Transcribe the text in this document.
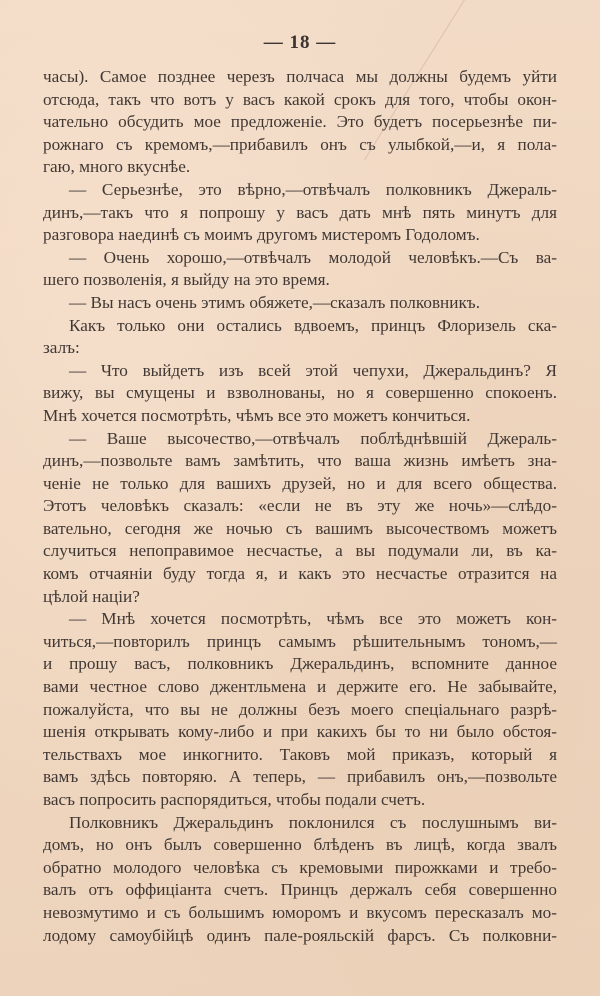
— 18 —
часы). Самое позднее черезъ полчаса мы должны будемъ уйти
отсюда, такъ что вотъ у васъ какой срокъ для того, чтобы окон-
чательно обсудить мое предложеніе. Это будетъ посерьезнѣе пи-
рожнаго съ кремомъ,—прибавилъ онъ съ улыбкой,—и, я пола-
гаю, много вкуснѣе.
— Серьезнѣе, это вѣрно,—отвѣчалъ полковникъ Джераль-
динъ,—такъ что я попрошу у васъ дать мнѣ пять минутъ для
разговора наединѣ съ моимъ другомъ мистеромъ Годоломъ.
— Очень хорошо,—отвѣчалъ молодой человѣкъ.—Съ ва-
шего позволенія, я выйду на это время.
— Вы насъ очень этимъ обяжете,—сказалъ полковникъ.
Какъ только они остались вдвоемъ, принцъ Флоризель ска-
залъ:
— Что выйдетъ изъ всей этой чепухи, Джеральдинъ? Я
вижу, вы смущены и взволнованы, но я совершенно спокоенъ.
Мнѣ хочется посмотрѣть, чѣмъ все это можетъ кончиться.
— Ваше высочество,—отвѣчалъ поблѣднѣвшій Джераль-
динъ,—позвольте вамъ замѣтить, что ваша жизнь имѣетъ зна-
ченіе не только для вашихъ друзей, но и для всего общества.
Этотъ человѣкъ сказалъ: «если не въ эту же ночь»—слѣдо-
вательно, сегодня же ночью съ вашимъ высочествомъ можетъ
случиться непоправимое несчастье, а вы подумали ли, въ ка-
комъ отчаяніи буду тогда я, и какъ это несчастье отразится на
цѣлой націи?
— Мнѣ хочется посмотрѣть, чѣмъ все это можетъ кон-
читься,—повторилъ принцъ самымъ рѣшительнымъ тономъ,—
и прошу васъ, полковникъ Джеральдинъ, вспомните данное
вами честное слово джентльмена и держите его. Не забывайте,
пожалуйста, что вы не должны безъ моего спеціальнаго разрѣ-
шенія открывать кому-либо и при какихъ бы то ни было обстоя-
тельствахъ мое инкогнито. Таковъ мой приказъ, который я
вамъ здѣсь повторяю. А теперь, — прибавилъ онъ,—позвольте
васъ попросить распорядиться, чтобы подали счетъ.
Полковникъ Джеральдинъ поклонился съ послушнымъ ви-
домъ, но онъ былъ совершенно блѣденъ въ лицѣ, когда звалъ
обратно молодого человѣка съ кремовыми пирожками и требо-
валъ отъ оффиціанта счетъ. Принцъ держалъ себя совершенно
невозмутимо и съ большимъ юморомъ и вкусомъ пересказалъ мо-
лодому самоубійцѣ одинъ пале-рояльскій фарсъ. Съ полковни-
